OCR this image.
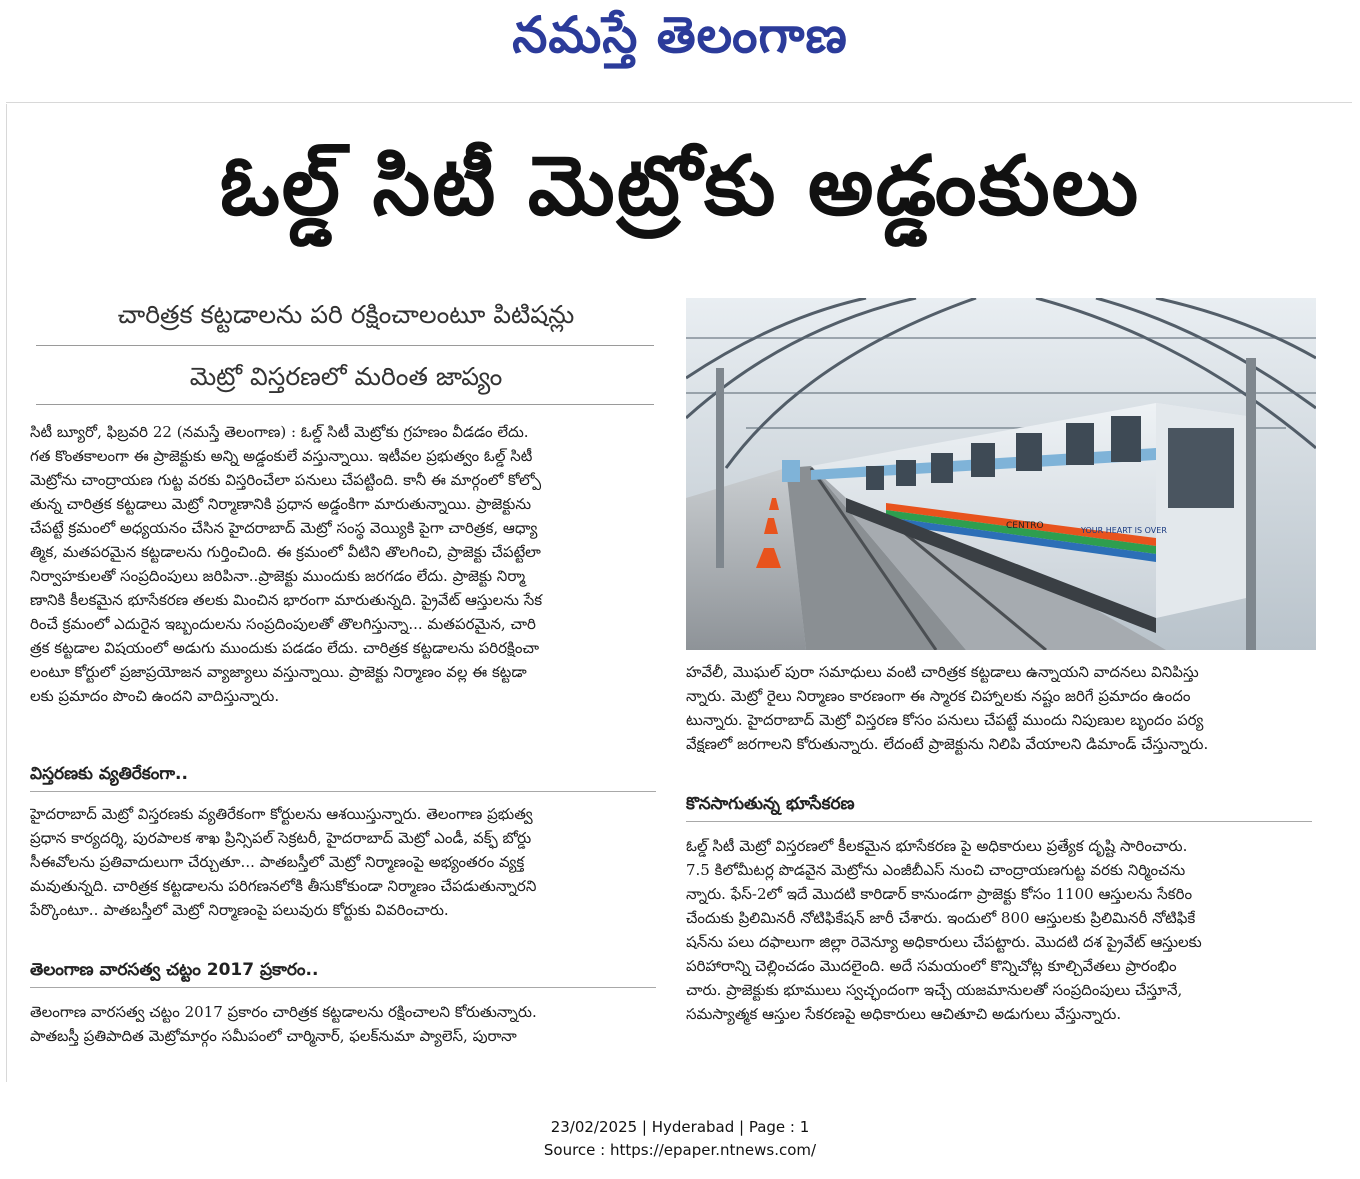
నమస్తే తెలంగాణ
ఓల్డ్ సిటీ మెట్రోకు అడ్డంకులు
చారిత్రక కట్టడాలను పరి రక్షించాలంటూ పిటిషన్లు
మెట్రో విస్తరణలో మరింత జాప్యం
సిటీ బ్యూరో, ఫిబ్రవరి 22 (నమస్తే తెలంగాణ) : ఓల్డ్ సిటీ మెట్రోకు గ్రహణం వీడడం లేదు.
గత కొంతకాలంగా ఈ ప్రాజెక్టుకు అన్ని అడ్డంకులే వస్తున్నాయి. ఇటీవల ప్రభుత్వం ఓల్డ్ సిటీ
మెట్రోను చాంద్రాయణ గుట్ట వరకు విస్తరించేలా పనులు చేపట్టింది. కానీ ఈ మార్గంలో కోల్పో
తున్న చారిత్రక కట్టడాలు మెట్రో నిర్మాణానికి ప్రధాన అడ్డంకిగా మారుతున్నాయి. ప్రాజెక్టును
చేపట్టే క్రమంలో అధ్యయనం చేసిన హైదరాబాద్ మెట్రో సంస్థ వెయ్యికి పైగా చారిత్రక, ఆధ్యా
త్మిక, మతపరమైన కట్టడాలను గుర్తించింది. ఈ క్రమంలో వీటిని తొలగించి, ప్రాజెక్టు చేపట్టేలా
నిర్వాహకులతో సంప్రదింపులు జరిపినా..ప్రాజెక్టు ముందుకు జరగడం లేదు. ప్రాజెక్టు నిర్మా
ణానికి కీలకమైన భూసేకరణ తలకు మించిన భారంగా మారుతున్నది. ప్రైవేట్ ఆస్తులను సేక
రించే క్రమంలో ఎదురైన ఇబ్బందులను సంప్రదింపులతో తొలగిస్తున్నా... మతపరమైన, చారి
త్రక కట్టడాల విషయంలో అడుగు ముందుకు పడడం లేదు. చారిత్రక కట్టడాలను పరిరక్షించా
లంటూ కోర్టులో ప్రజాప్రయోజన వ్యాజ్యాలు వస్తున్నాయి. ప్రాజెక్టు నిర్మాణం వల్ల ఈ కట్టడా
లకు ప్రమాదం పొంచి ఉందని వాదిస్తున్నారు.
విస్తరణకు వ్యతిరేకంగా..
హైదరాబాద్ మెట్రో విస్తరణకు వ్యతిరేకంగా కోర్టులను ఆశయిస్తున్నారు. తెలంగాణ ప్రభుత్వ
ప్రధాన కార్యదర్శి, పురపాలక శాఖ ప్రిన్సిపల్ సెక్రటరీ, హైదరాబాద్ మెట్రో ఎండీ, వక్ఫ్ బోర్డు
సీఈవోలను ప్రతివాదులుగా చేర్చుతూ... పాతబస్తీలో మెట్రో నిర్మాణంపై అభ్యంతరం వ్యక్త
మవుతున్నది. చారిత్రక కట్టడాలను పరిగణనలోకి తీసుకోకుండా నిర్మాణం చేపడుతున్నారని
పేర్కొంటూ.. పాతబస్తీలో మెట్రో నిర్మాణంపై పలువురు కోర్టుకు వివరించారు.
తెలంగాణ వారసత్వ చట్టం 2017 ప్రకారం..
తెలంగాణ వారసత్వ చట్టం 2017 ప్రకారం చారిత్రక కట్టడాలను రక్షించాలని కోరుతున్నారు.
పాతబస్తీ ప్రతిపాదిత మెట్రోమార్గం సమీపంలో చార్మినార్, ఫలక్‌నుమా ప్యాలెస్, పురానా
CENTRO	YOUR HEART IS OVER
హవేలీ, మొఘల్ పురా సమాధులు వంటి చారిత్రక కట్టడాలు ఉన్నాయని వాదనలు వినిపిస్తు
న్నారు. మెట్రో రైలు నిర్మాణం కారణంగా ఈ స్మారక చిహ్నాలకు నష్టం జరిగే ప్రమాదం ఉందం
టున్నారు. హైదరాబాద్ మెట్రో విస్తరణ కోసం పనులు చేపట్టే ముందు నిపుణుల బృందం పర్య
వేక్షణలో జరగాలని కోరుతున్నారు. లేదంటే ప్రాజెక్టును నిలిపి వేయాలని డిమాండ్ చేస్తున్నారు.
కొనసాగుతున్న భూసేకరణ
ఓల్డ్ సిటీ మెట్రో విస్తరణలో కీలకమైన భూసేకరణ పై అధికారులు ప్రత్యేక దృష్టి సారించారు.
7.5 కిలోమీటర్ల పొడవైన మెట్రోను ఎంజీబీఎస్ నుంచి చాంద్రాయణగుట్ట వరకు నిర్మించను
న్నారు. ఫేస్-2లో ఇదే మొదటి కారిడార్ కానుండగా ప్రాజెక్టు కోసం 1100 ఆస్తులను సేకరిం
చేందుకు ప్రిలిమినరీ నోటిఫికేషన్ జారీ చేశారు. ఇందులో 800 ఆస్తులకు ప్రిలిమినరీ నోటిఫికే
షన్‌ను పలు దఫాలుగా జిల్లా రెవెన్యూ అధికారులు చేపట్టారు. మొదటి దశ ప్రైవేట్ ఆస్తులకు
పరిహారాన్ని చెల్లించడం మొదలైంది. అదే సమయంలో కొన్నిచోట్ల కూల్చివేతలు ప్రారంభిం
చారు. ప్రాజెక్టుకు భూములు స్వచ్ఛందంగా ఇచ్చే యజమానులతో సంప్రదింపులు చేస్తూనే,
సమస్యాత్మక ఆస్తుల సేకరణపై అధికారులు ఆచితూచి అడుగులు వేస్తున్నారు.
23/02/2025 | Hyderabad | Page : 1
Source : https://epaper.ntnews.com/
